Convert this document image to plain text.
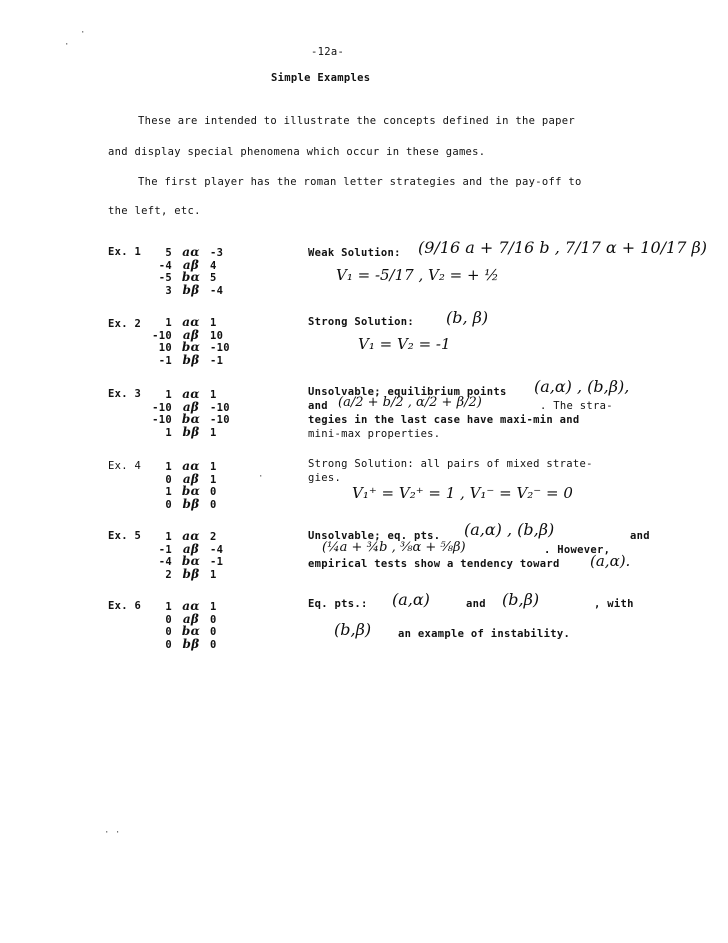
-12a-
Simple Examples
These are intended to illustrate the concepts defined in the paper
and display special phenomena which occur in these games.
The first player has the roman letter strategies and the pay-off to
the left, etc.
Ex. 1	5 aα -3
-4 aβ 4
-5 bα 5
3 bβ -4
Weak Solution: (9/16 a + 7/16 b , 7/17 α + 10/17 β)
V₁ = -5/17 , V₂ = + ½
Ex. 2	1 aα 1
-10 aβ 10
10 bα -10
-1 bβ -1
Strong Solution: (b, β)
V₁ = V₂ = -1
Ex. 3	1 aα 1
-10 aβ -10
-10 bα -10
1 bβ 1
Unsolvable; equilibrium points (a,α) , (b,β),
and (a/2 + b/2 , α/2 + β/2)	. The stra-
tegies in the last case have maxi-min and
mini-max properties.
Ex. 4	1 aα 1
0 aβ 1
1 bα 0
0 bβ 0
Strong Solution: all pairs of mixed strate-
gies.
V₁⁺ = V₂⁺ = 1 , V₁⁻ = V₂⁻ = 0
·
Ex. 5	1 aα 2
-1 aβ -4
-4 bα -1
2 bβ 1
Unsolvable; eq. pts. (a,α) , (b,β)	and
(¼a + ¾b , ⅜α + ⅝β)	. However,
empirical tests show a tendency toward (a,α).
Ex. 6	1 aα 1
0 aβ 0
0 bα 0
0 bβ 0
Eq. pts.: (a,α)	and (b,β)	, with
(b,β)	an example of instability.
·
·
· ·
